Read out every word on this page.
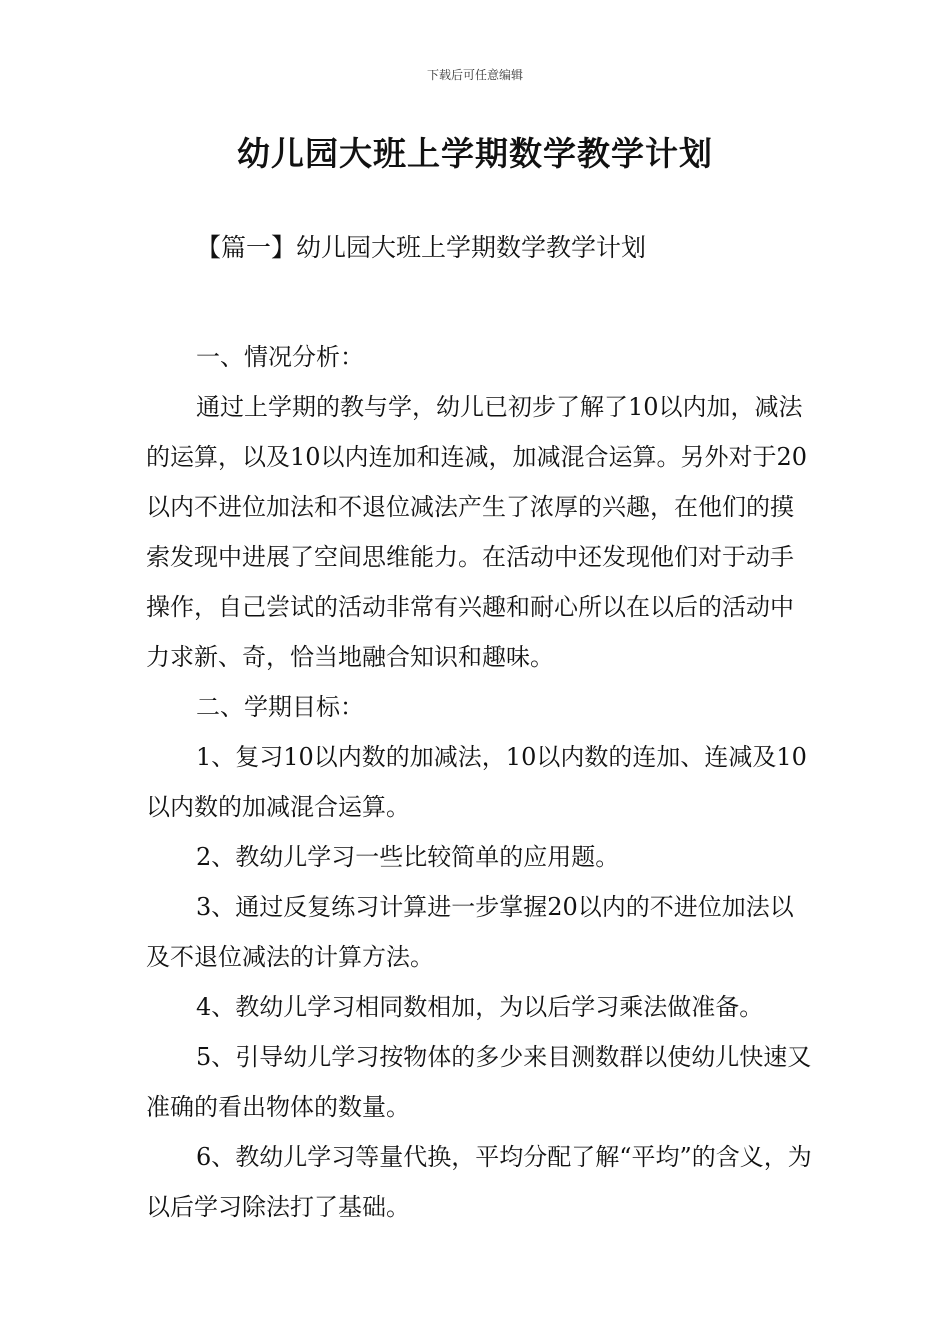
下载后可任意编辑
幼儿园大班上学期数学教学计划
【篇一】幼儿园大班上学期数学教学计划

一、情况分析：

通过上学期的教与学，幼儿已初步了解了10以内加，减法的运算，以及10以内连加和连减，加减混合运算。另外对于20以内不进位加法和不退位减法产生了浓厚的兴趣，在他们的摸索发现中进展了空间思维能力。在活动中还发现他们对于动手操作，自己尝试的活动非常有兴趣和耐心所以在以后的活动中力求新、奇，恰当地融合知识和趣味。

二、学期目标：

1、复习10以内数的加减法，10以内数的连加、连减及10以内数的加减混合运算。

2、教幼儿学习一些比较简单的应用题。

3、通过反复练习计算进一步掌握20以内的不进位加法以及不退位减法的计算方法。

4、教幼儿学习相同数相加，为以后学习乘法做准备。

5、引导幼儿学习按物体的多少来目测数群以使幼儿快速又准确的看出物体的数量。

6、教幼儿学习等量代换，平均分配了解“平均”的含义，为以后学习除法打了基础。
